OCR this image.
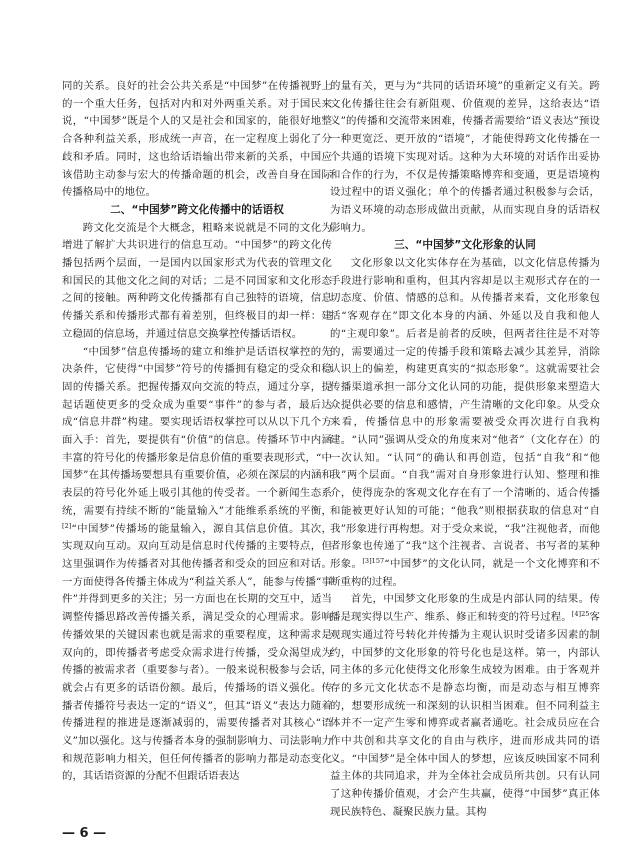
同的关系。良好的社会公共关系是“中国梦”在传播视野上的一个重大任务，包括对内和对外两重关系。对于国民来说，“中国梦”既是个人的又是社会和国家的，能很好地整合各种利益关系，形成统一声音，在一定程度上弱化了分歧和矛盾。同时，这也给话语输出带来新的关系，中国应该借助主动参与宏大的传播命题的机会，改善自身在国际传播格局中的地位。

二、“中国梦”跨文化传播中的话语权

跨文化交流是个大概念，粗略来说就是不同的文化为增进了解扩大共识进行的信息互动。“中国梦”的跨文化传播包括两个层面，一是国内以国家形式为代表的管理文化和国民的其他文化之间的对话；二是不同国家和文化形态之间的接触。两种跨文化传播都有自己独特的语境，信息传播关系和传播形式都有着差别，但终极目的却一样：建立稳固的信息场，并通过信息交换掌控传播话语权。

“中国梦”信息传播场的建立和维护是话语权掌控的先决条件，它使得“中国梦”符号的传播拥有稳定的受众和稳固的传播关系。把握传播双向交流的特点，通过分享，提起话题使更多的受众成为重要“事件”的参与者，最后达成“信息井群”构建。要实现话语权掌控可以从以下几个方面入手：首先，要提供有“价值”的信息。传播环节中内涵丰富的符号化的传播形象是信息价值的重要表现形式，“中国梦”在其传播场要想具有重要价值，必须在深层的内涵和表层的符号化外延上吸引其他的传受者。一个新闻生态系统，需要有持续不断的“能量输入”才能维系系统的平衡，[2]“中国梦”传播场的能量输入，源自其信息价值。其次，实现双向互动。双向互动是信息时代传播的主要特点，但这里强调作为传播者对其他传播者和受众的回应和对话。一方面使得各传播主体成为“利益关系人”，能参与传播“事件”并得到更多的关注；另一方面也在长期的交互中，适当调整传播思路改善传播关系，满足受众的心理需求。影响传播效果的关键因素也就是需求的重要程度，这种需求是双向的，即传播者考虑受众需求进行传播，受众渴望成为传播的被需求者（重要参与者）。一般来说积极参与会话，就会占有更多的话语份额。最后，传播场的语义强化。传播者传播符号表达一定的“语义”，但其“语义”表达力随着传播进程的推进是逐渐减弱的，需要传播者对其核心“语义”加以强化。这与传播者本身的强制影响力、司法影响力和规范影响力相关，但任何传播者的影响力都是动态变化的，其话语资源的分配不但跟话语表达

的量有关，更与为“共同的话语环境”的重新定义有关。跨文化传播往往会有新阻观、价值观的差异，这给表达“语义”的传播和交流带来困难，传播者需要给“语义表达”预设一种更宽泛、更开放的“语境”，才能使得跨文化传播在一个共通的语境下实现对话。这种为大环境的对话作出妥协和合作的行为，不仅是传播策略博弈和变通，更是语境构设过程中的语义强化；单个的传播者通过积极参与会话，为语义环境的动态形成做出贡献，从而实现自身的话语权影响力。

三、“中国梦”文化形象的认同

文化形象以文化实体存在为基础，以文化信息传播为手段进行影响和重构，但其内容却是以主观形式存在的一切态度、价值、情感的总和。从传播者来看，文化形象包括“客观存在”即文化本身的内涵、外延以及自我和他人的“主观印象”。后者是前者的反映，但两者往往是不对等的，需要通过一定的传播手段和策略去减少其差异，消除认识上的偏差，构建更真实的“拟态形象”。这就需要社会传播渠道承担一部分文化认同的功能，提供形象来塑造大众提供必要的信息和感情，产生清晰的文化印象。从受众来看，传播信息中的形象需要被受众再次进行自我构建。“认同”强调从受众的角度来对“他者”（文化存在）的一次认知。“认同”的确认和再创造，包括“自我”和“他我”两个层面。“自我”需对自身形象进行认知、整理和推介，使得庞杂的客观文化存在有了一个清晰的、适合传播和能被更好认知的可能；“他我”则根据获取的信息对“自我”形象进行再构想。对于受众来说，“我”注视他者，而他者形象也传递了“我”这个注视者、言说者、书写者的某种形象。$^{[3]157}$“中国梦”的文化认同，就是一个文化博弈和不断重构的过程。

首先，中国梦文化形象的生成是内部认同的结果。传播是现实得以生产、维系、修正和转变的符号过程。$^{[4]25}$客观现实通过符号转化并传播为主观认识时受诸多因素的制约，中国梦的文化形象的符号化也是这样。第一，内部认同主体的多元化使得文化形象生成较为困难。由于客观并存的多元文化状态不是静态均衡，而是动态与相互博弈的，想要形成统一和深刻的认识相当困难。但不同利益主体并不一定产生零和博弈或者赢者通吃。社会成员应在合作中共创和共享文化的自由与秩序，进而形成共同的语义。“中国梦”是全体中国人的梦想，应该反映国家不同利益主体的共同追求，并为全体社会成员所共创。只有认同了这种传播价值观，才会产生共赢，使得“中国梦”真正体现民族特色、凝聚民族力量。其构

— 6 —
